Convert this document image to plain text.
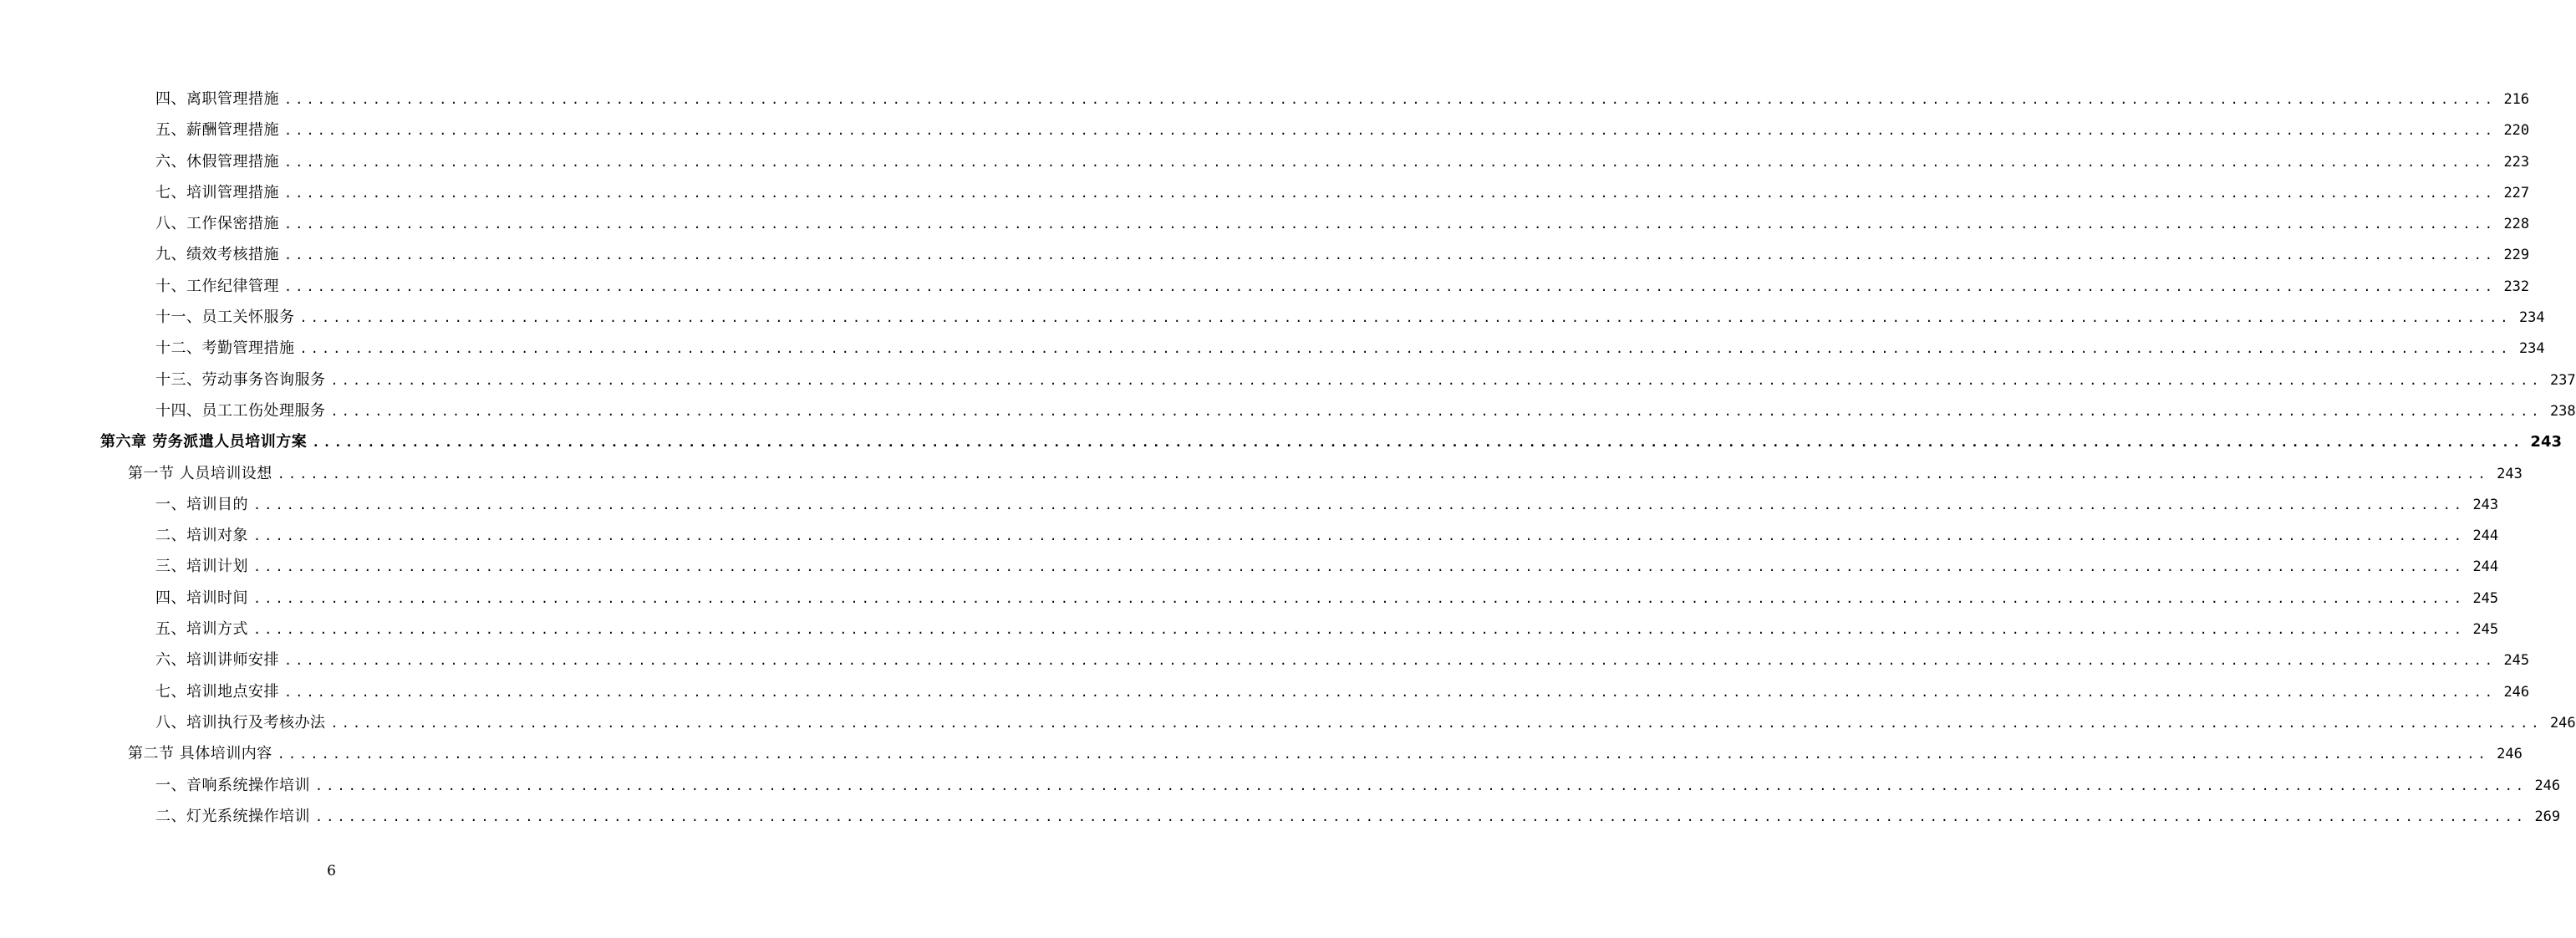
四、离职管理措施 ........................................................................................................................................................................................................ 216
五、薪酬管理措施 ........................................................................................................................................................................................................ 220
六、休假管理措施 ........................................................................................................................................................................................................ 223
七、培训管理措施 ........................................................................................................................................................................................................ 227
八、工作保密措施 ........................................................................................................................................................................................................ 228
九、绩效考核措施 ........................................................................................................................................................................................................ 229
十、工作纪律管理 ........................................................................................................................................................................................................ 232
十一、员工关怀服务 ........................................................................................................................................................................................................ 234
十二、考勤管理措施 ........................................................................................................................................................................................................ 234
十三、劳动事务咨询服务 ........................................................................................................................................................................................................ 237
十四、员工工伤处理服务 ........................................................................................................................................................................................................ 238
第六章 劳务派遣人员培训方案 ........................................................................................................................................................................................................ 243
第一节 人员培训设想 ........................................................................................................................................................................................................ 243
一、培训目的 ........................................................................................................................................................................................................ 243
二、培训对象 ........................................................................................................................................................................................................ 244
三、培训计划 ........................................................................................................................................................................................................ 244
四、培训时间 ........................................................................................................................................................................................................ 245
五、培训方式 ........................................................................................................................................................................................................ 245
六、培训讲师安排 ........................................................................................................................................................................................................ 245
七、培训地点安排 ........................................................................................................................................................................................................ 246
八、培训执行及考核办法 ........................................................................................................................................................................................................ 246
第二节 具体培训内容 ........................................................................................................................................................................................................ 246
一、音响系统操作培训 ........................................................................................................................................................................................................ 246
二、灯光系统操作培训 ........................................................................................................................................................................................................ 269
6
